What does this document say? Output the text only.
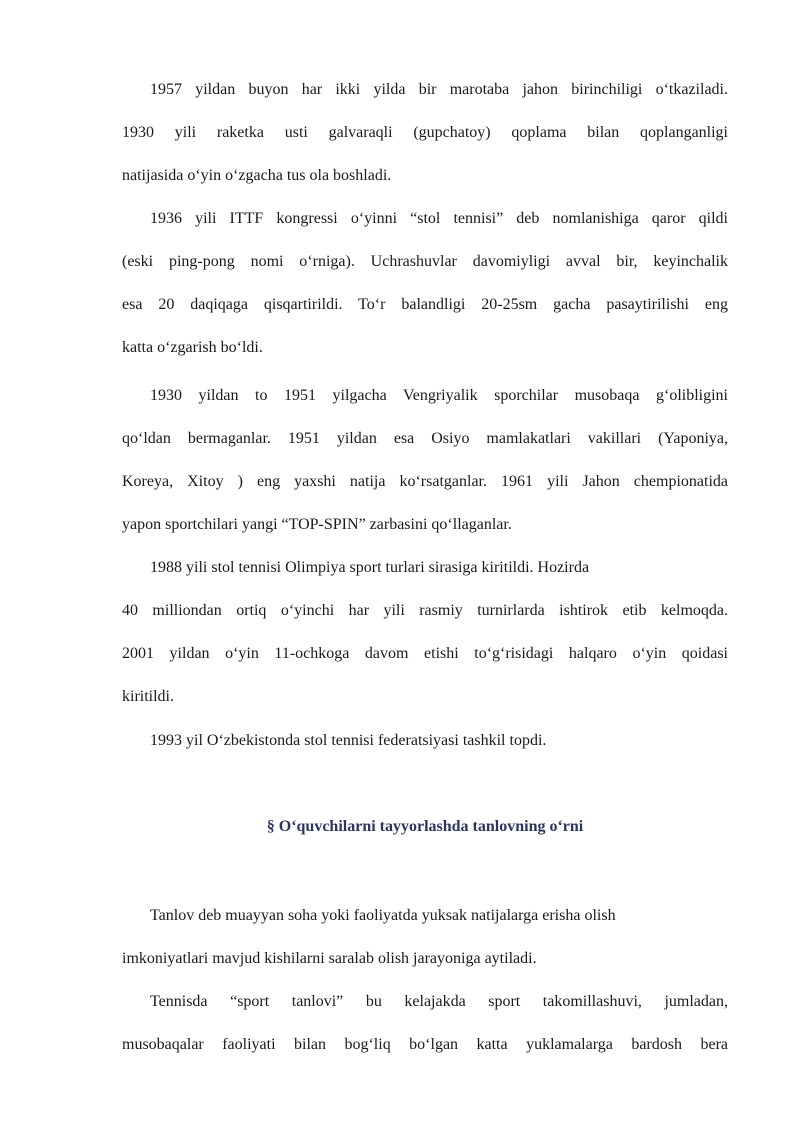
1957 yildan buyon har ikki yilda bir marotaba jahon birinchiligi o‘tkaziladi.
1930 yili raketka usti galvaraqli (gupchatoy) qoplama bilan qoplanganligi
natijasida o‘yin o‘zgacha tus ola boshladi.
1936 yili ITTF kongressi o‘yinni “stol tennisi” deb nomlanishiga qaror qildi
(eski ping-pong nomi o‘rniga). Uchrashuvlar davomiyligi avval bir, keyinchalik
esa 20 daqiqaga qisqartirildi. To‘r balandligi 20-25sm gacha pasaytirilishi eng
katta o‘zgarish bo‘ldi.
1930 yildan to 1951 yilgacha Vengriyalik sporchilar musobaqa g‘olibligini
qo‘ldan bermaganlar. 1951 yildan esa Osiyo mamlakatlari vakillari (Yaponiya,
Koreya, Xitoy ) eng yaxshi natija ko‘rsatganlar. 1961 yili Jahon chempionatida
yapon sportchilari yangi “TOP-SPIN” zarbasini qo‘llaganlar.
1988 yili stol tennisi Olimpiya sport turlari sirasiga kiritildi. Hozirda
40 milliondan ortiq o‘yinchi har yili rasmiy turnirlarda ishtirok etib kelmoqda.
2001 yildan o‘yin 11-ochkoga davom etishi to‘g‘risidagi halqaro o‘yin qoidasi
kiritildi.
1993 yil O‘zbekistonda stol tennisi federatsiyasi tashkil topdi.
§ O‘quvchilarni tayyorlashda tanlovning o‘rni
Tanlov deb muayyan soha yoki faoliyatda yuksak natijalarga erisha olish
imkoniyatlari mavjud kishilarni saralab olish jarayoniga aytiladi.
Tennisda “sport tanlovi” bu kelajakda sport takomillashuvi, jumladan,
musobaqalar faoliyati bilan bog‘liq bo‘lgan katta yuklamalarga bardosh bera
